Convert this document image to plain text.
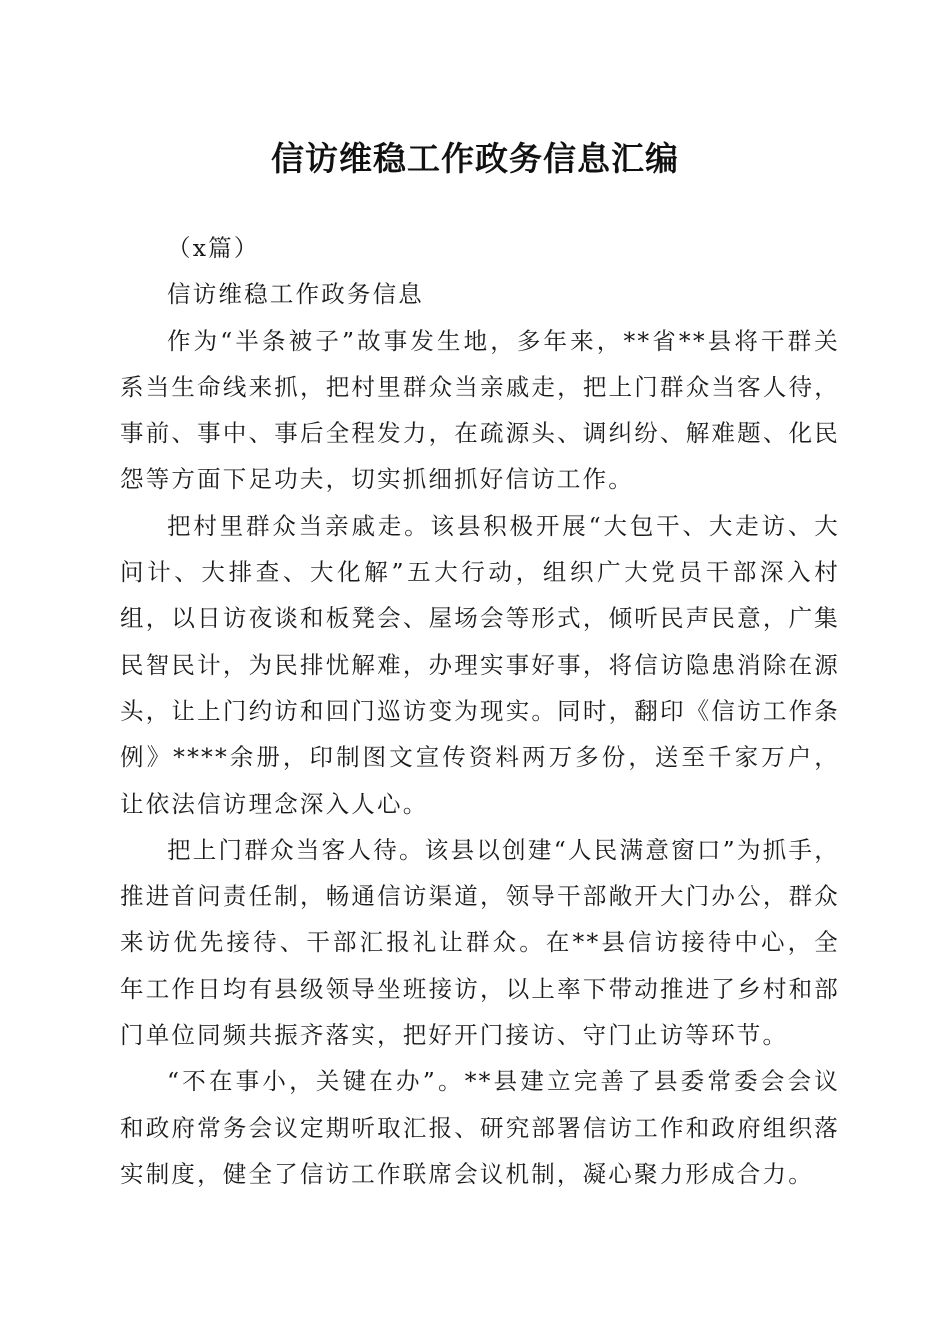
信访维稳工作政务信息汇编

（x篇）

信访维稳工作政务信息

作为“半条被子”故事发生地，多年来，**省**县将干群关系当生命线来抓，把村里群众当亲戚走，把上门群众当客人待，事前、事中、事后全程发力，在疏源头、调纠纷、解难题、化民怨等方面下足功夫，切实抓细抓好信访工作。

把村里群众当亲戚走。该县积极开展“大包干、大走访、大问计、大排查、大化解”五大行动，组织广大党员干部深入村组，以日访夜谈和板凳会、屋场会等形式，倾听民声民意，广集民智民计，为民排忧解难，办理实事好事，将信访隐患消除在源头，让上门约访和回门巡访变为现实。同时，翻印《信访工作条例》****余册，印制图文宣传资料两万多份，送至千家万户，让依法信访理念深入人心。

把上门群众当客人待。该县以创建“人民满意窗口”为抓手，推进首问责任制，畅通信访渠道，领导干部敞开大门办公，群众来访优先接待、干部汇报礼让群众。在**县信访接待中心，全年工作日均有县级领导坐班接访，以上率下带动推进了乡村和部门单位同频共振齐落实，把好开门接访、守门止访等环节。

“不在事小，关键在办”。**县建立完善了县委常委会会议和政府常务会议定期听取汇报、研究部署信访工作和政府组织落实制度，健全了信访工作联席会议机制，凝心聚力形成合力。
